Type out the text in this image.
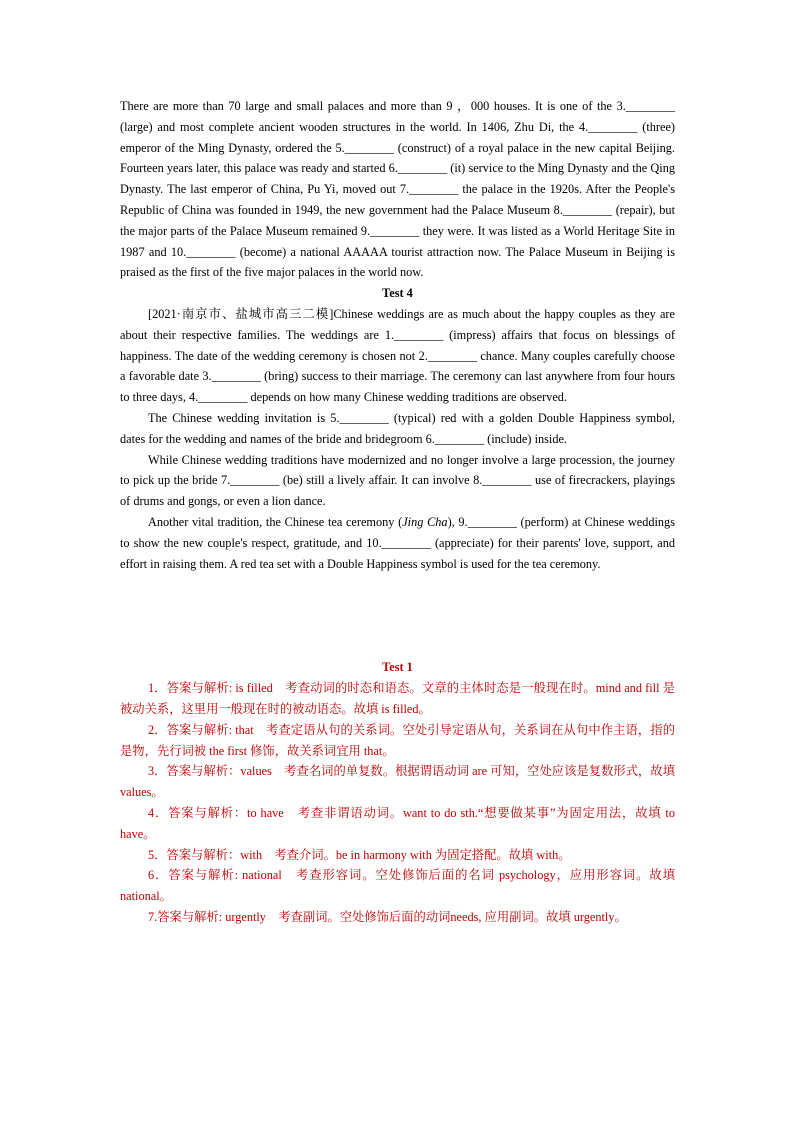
There are more than 70 large and small palaces and more than 9 ，000 houses. It is one of the 3.________ (large) and most complete ancient wooden structures in the world. In 1406, Zhu Di, the 4.________ (three) emperor of the Ming Dynasty, ordered the 5.________ (construct) of a royal palace in the new capital Beijing. Fourteen years later, this palace was ready and started 6.________ (it) service to the Ming Dynasty and the Qing Dynasty. The last emperor of China, Pu Yi, moved out 7.________ the palace in the 1920s. After the People's Republic of China was founded in 1949, the new government had the Palace Museum 8.________ (repair), but the major parts of the Palace Museum remained 9.________ they were. It was listed as a World Heritage Site in 1987 and 10.________ (become) a national AAAAA tourist attraction now. The Palace Museum in Beijing is praised as the first of the five major palaces in the world now.

Test 4

[2021·南京市、盐城市高三二模]Chinese weddings are as much about the happy couples as they are about their respective families. The weddings are 1.________ (impress) affairs that focus on blessings of happiness. The date of the wedding ceremony is chosen not 2.________ chance. Many couples carefully choose a favorable date 3.________ (bring) success to their marriage. The ceremony can last anywhere from four hours to three days, 4.________ depends on how many Chinese wedding traditions are observed.

The Chinese wedding invitation is 5.________ (typical) red with a golden Double Happiness symbol, dates for the wedding and names of the bride and bridegroom 6.________ (include) inside.

While Chinese wedding traditions have modernized and no longer involve a large procession, the journey to pick up the bride 7.________ (be) still a lively affair. It can involve 8.________ use of firecrackers, playings of drums and gongs, or even a lion dance.

Another vital tradition, the Chinese tea ceremony (Jing Cha), 9.________ (perform) at Chinese weddings to show the new couple's respect, gratitude, and 10.________ (appreciate) for their parents' love, support, and effort in raising them. A red tea set with a Double Happiness symbol is used for the tea ceremony.

Test 1

1．答案与解析: is filled　考查动词的时态和语态。文章的主体时态是一般现在时。mind and fill 是被动关系，这里用一般现在时的被动语态。故填 is filled。

2．答案与解析: that　考查定语从句的关系词。空处引导定语从句，关系词在从句中作主语，指的是物，先行词被 the first 修饰，故关系词宜用 that。

3．答案与解析：values　考查名词的单复数。根据谓语动词 are 可知，空处应该是复数形式，故填 values。

4．答案与解析：to have　考查非谓语动词。want to do sth.“想要做某事”为固定用法，故填 to have。

5．答案与解析：with　考查介词。be in harmony with 为固定搭配。故填 with。

6．答案与解析: national　考查形容词。空处修饰后面的名词 psychology，应用形容词。故填 national。

7.答案与解析: urgently　考查副词。空处修饰后面的动词needs, 应用副词。故填 urgently。
